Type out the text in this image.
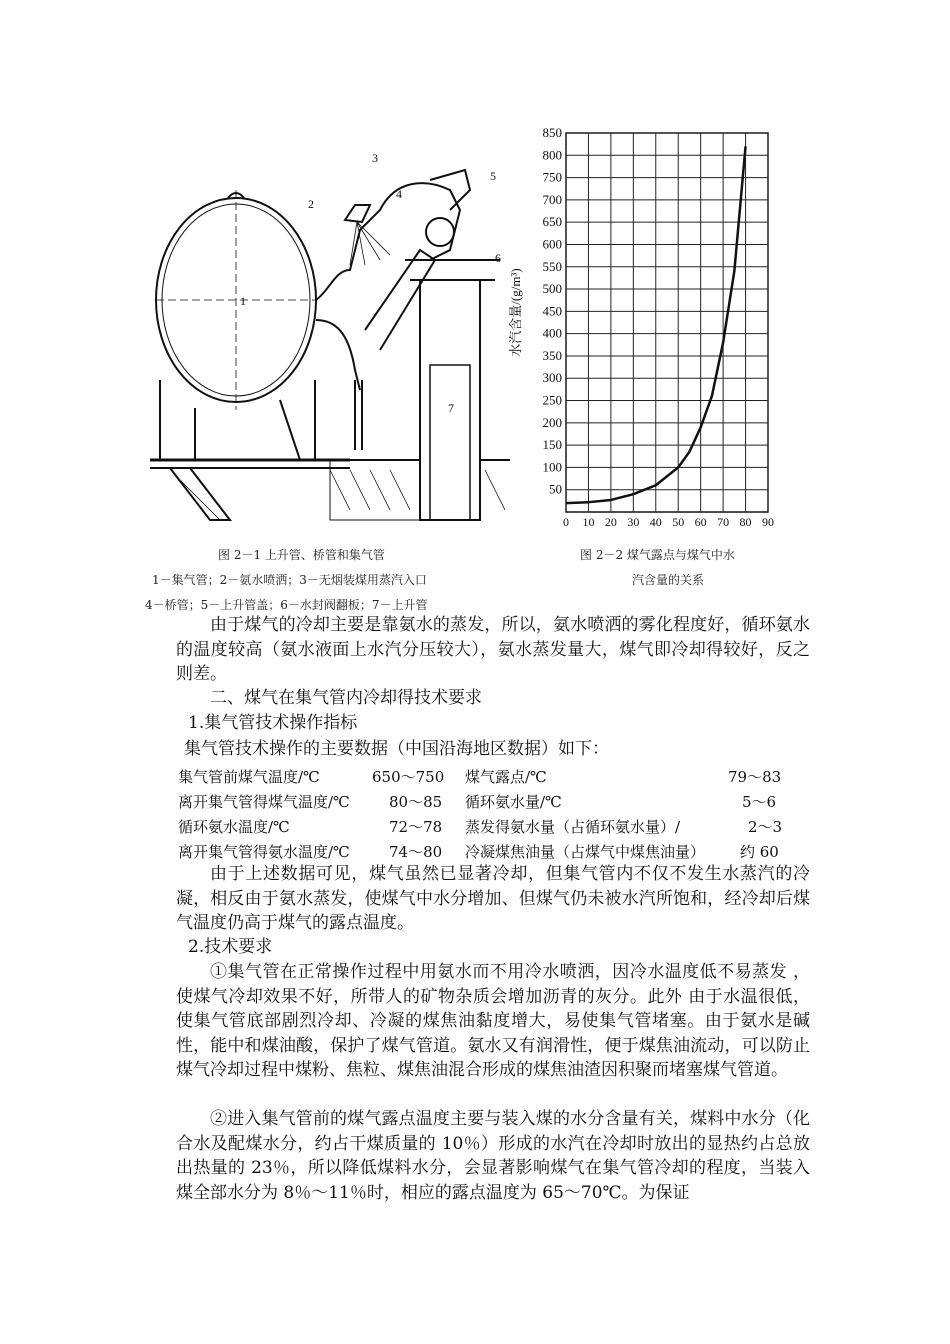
1
2
3
4
5
6
7
0 10 20 30 40 50 60 70 80 90
50
100
150
200
250
300
350
400
450
500
550
600
650
700
750
800
850
水汽含量/(g/m³)
图 2－1 上升管、桥管和集气管
1－集气管；2－氨水喷洒；3－无烟装煤用蒸汽入口
4－桥管；5－上升管盖；6－水封阀翻板；7－上升管
图 2－2 煤气露点与煤气中水
汽含量的关系

由于煤气的冷却主要是靠氨水的蒸发，所以，氨水喷洒的雾化程度好，循环氨水的温度较高（氨水液面上水汽分压较大），氨水蒸发量大，煤气即冷却得较好，反之则差。

二、煤气在集气管内冷却得技术要求
1.集气管技术操作指标
集气管技术操作的主要数据（中国沿海地区数据）如下：
集气管前煤气温度/℃	650～750 煤气露点/℃	79～83
离开集气管得煤气温度/℃	80～85 循环氨水量/℃	5～6
循环氨水温度/℃	72～78 蒸发得氨水量（占循环氨水量）/	2～3
离开集气管得氨水温度/℃	74～80 冷凝煤焦油量（占煤气中煤焦油量） 约 60

由于上述数据可见，煤气虽然已显著冷却，但集气管内不仅不发生水蒸汽的冷凝，相反由于氨水蒸发，使煤气中水分增加、但煤气仍未被水汽所饱和，经冷却后煤气温度仍高于煤气的露点温度。

2.技术要求

①集气管在正常操作过程中用氨水而不用冷水喷洒，因冷水温度低不易蒸发 ，使煤气冷却效果不好，所带人的矿物杂质会增加沥青的灰分。此外 由于水温很低，使集气管底部剧烈冷却、冷凝的煤焦油黏度增大，易使集气管堵塞。由于氨水是碱性，能中和煤油酸，保护了煤气管道。氨水又有润滑性，便于煤焦油流动，可以防止煤气冷却过程中煤粉、焦粒、煤焦油混合形成的煤焦油渣因积聚而堵塞煤气管道。

②进入集气管前的煤气露点温度主要与装入煤的水分含量有关，煤料中水分（化合水及配煤水分，约占干煤质量的 10％）形成的水汽在冷却时放出的显热约占总放出热量的 23％，所以降低煤料水分，会显著影响煤气在集气管冷却的程度，当装入煤全部水分为 8％～11％时，相应的露点温度为 65～70℃。为保证
